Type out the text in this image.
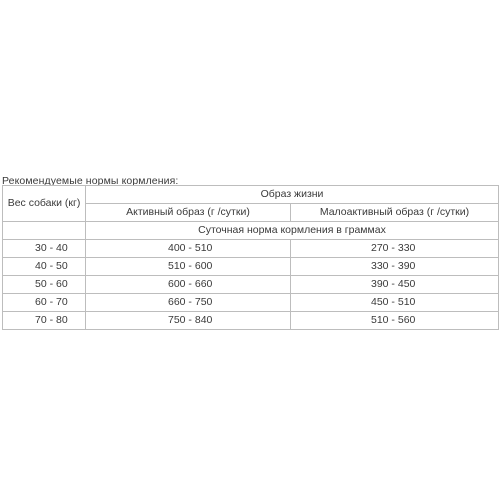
Рекомендуемые нормы кормления:
Вес собаки (кг)	Образ жизни	
	Активный образ (г /сутки)	Малоактивный образ (г /сутки)
	Суточная норма кормления в граммах	
30 - 40	400 - 510	270 - 330
40 - 50	510 - 600	330 - 390
50 - 60	600 - 660	390 - 450
60 - 70	660 - 750	450 - 510
70 - 80	750 - 840	510 - 560
